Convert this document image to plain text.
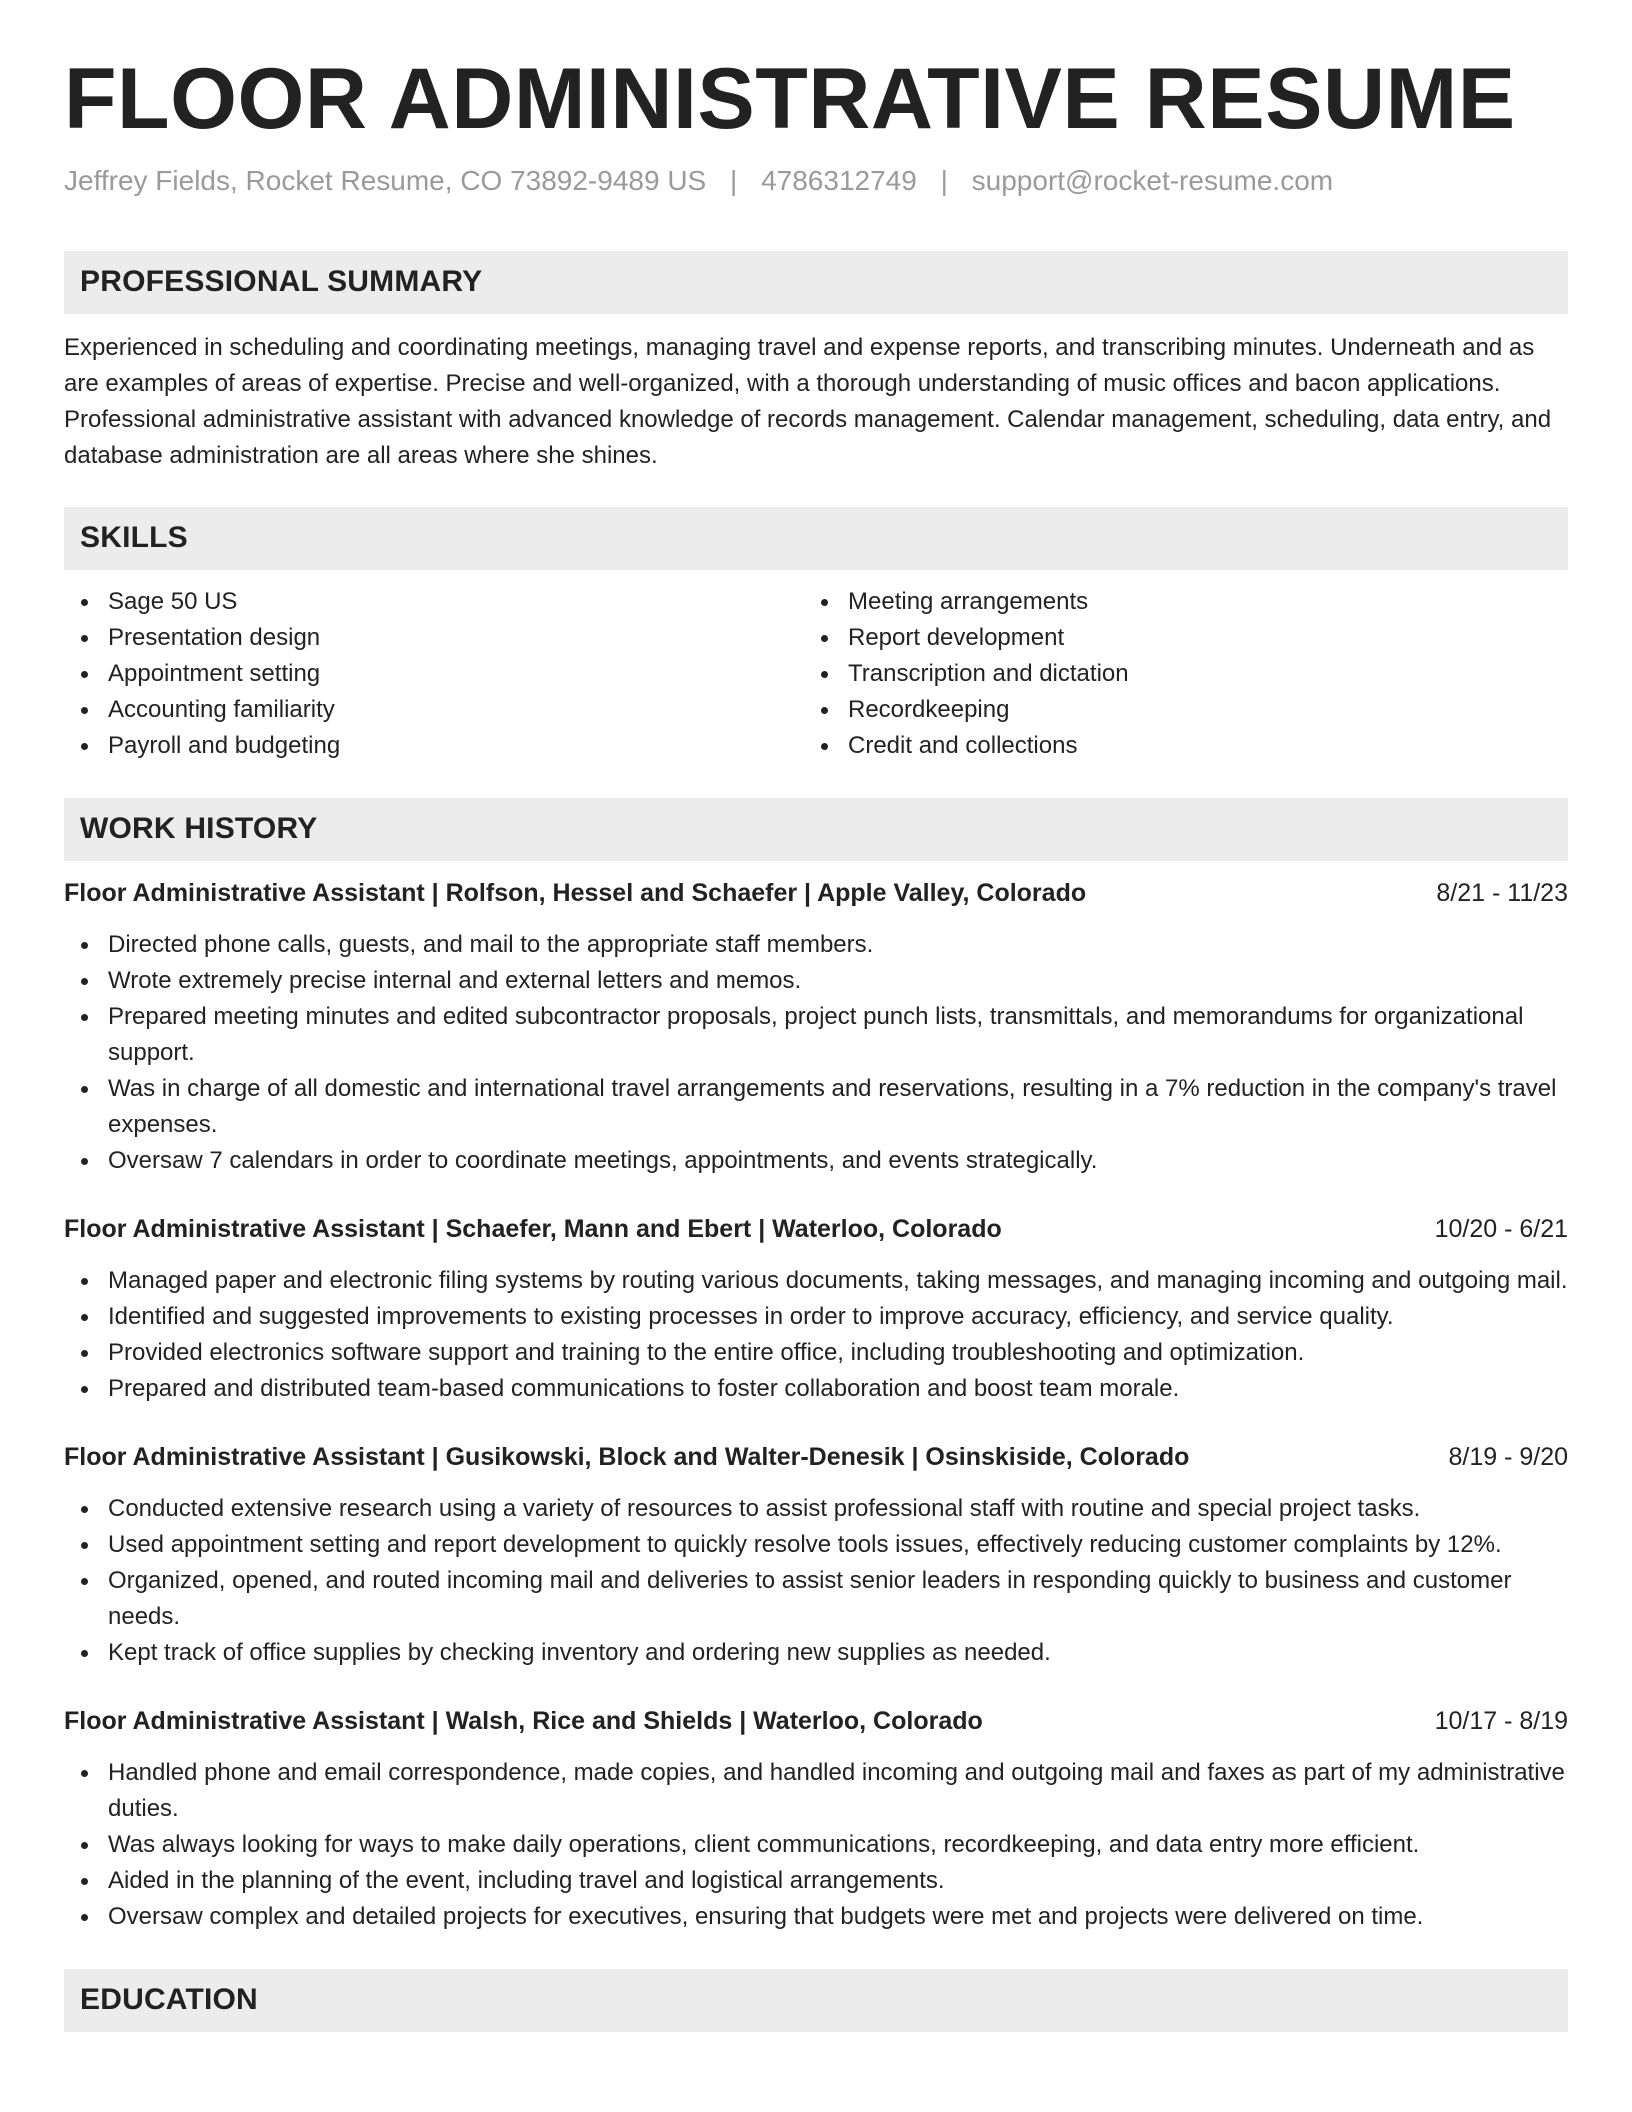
FLOOR ADMINISTRATIVE RESUME
Jeffrey Fields, Rocket Resume, CO 73892-9489 US | 4786312749 | support@rocket-resume.com
PROFESSIONAL SUMMARY
Experienced in scheduling and coordinating meetings, managing travel and expense reports, and transcribing minutes. Underneath and as are examples of areas of expertise. Precise and well-organized, with a thorough understanding of music offices and bacon applications. Professional administrative assistant with advanced knowledge of records management. Calendar management, scheduling, data entry, and database administration are all areas where she shines.
SKILLS
Sage 50 US
Presentation design
Appointment setting
Accounting familiarity
Payroll and budgeting
Meeting arrangements
Report development
Transcription and dictation
Recordkeeping
Credit and collections
WORK HISTORY
Floor Administrative Assistant | Rolfson, Hessel and Schaefer | Apple Valley, Colorado	8/21 - 11/23
Directed phone calls, guests, and mail to the appropriate staff members.
Wrote extremely precise internal and external letters and memos.
Prepared meeting minutes and edited subcontractor proposals, project punch lists, transmittals, and memorandums for organizational support.
Was in charge of all domestic and international travel arrangements and reservations, resulting in a 7% reduction in the company's travel expenses.
Oversaw 7 calendars in order to coordinate meetings, appointments, and events strategically.
Floor Administrative Assistant | Schaefer, Mann and Ebert | Waterloo, Colorado	10/20 - 6/21
Managed paper and electronic filing systems by routing various documents, taking messages, and managing incoming and outgoing mail.
Identified and suggested improvements to existing processes in order to improve accuracy, efficiency, and service quality.
Provided electronics software support and training to the entire office, including troubleshooting and optimization.
Prepared and distributed team-based communications to foster collaboration and boost team morale.
Floor Administrative Assistant | Gusikowski, Block and Walter-Denesik | Osinskiside, Colorado	8/19 - 9/20
Conducted extensive research using a variety of resources to assist professional staff with routine and special project tasks.
Used appointment setting and report development to quickly resolve tools issues, effectively reducing customer complaints by 12%.
Organized, opened, and routed incoming mail and deliveries to assist senior leaders in responding quickly to business and customer needs.
Kept track of office supplies by checking inventory and ordering new supplies as needed.
Floor Administrative Assistant | Walsh, Rice and Shields | Waterloo, Colorado	10/17 - 8/19
Handled phone and email correspondence, made copies, and handled incoming and outgoing mail and faxes as part of my administrative duties.
Was always looking for ways to make daily operations, client communications, recordkeeping, and data entry more efficient.
Aided in the planning of the event, including travel and logistical arrangements.
Oversaw complex and detailed projects for executives, ensuring that budgets were met and projects were delivered on time.
EDUCATION
